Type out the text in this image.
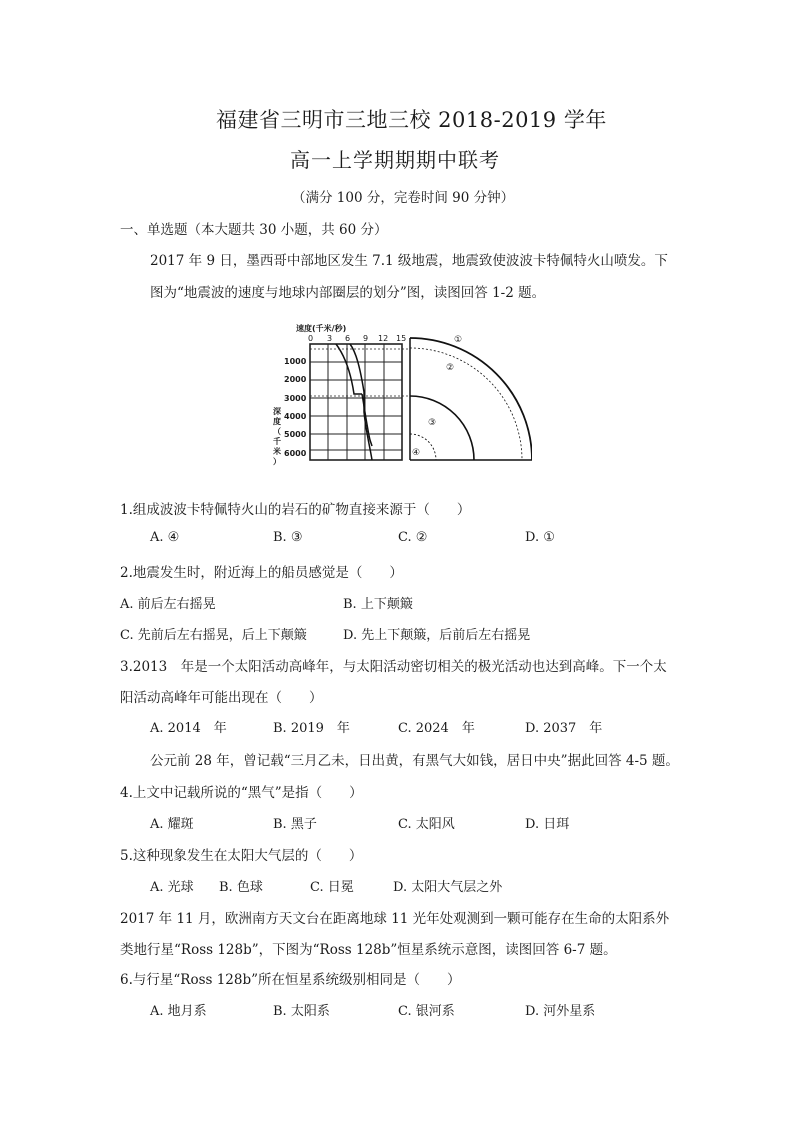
福建省三明市三地三校 2018-2019 学年
高一上学期期期中联考
（满分 100 分，完卷时间 90 分钟）
一、单选题（本大题共 30 小题，共 60 分）
2017 年 9 日，墨西哥中部地区发生 7.1 级地震，地震致使波波卡特佩特火山喷发。下
图为“地震波的速度与地球内部圈层的划分”图，读图回答 1-2 题。
速度(千米/秒)
0 3 6 9 12 15
1000
2000
3000
4000
5000
6000
深
度
（
千
米
）
①
②
③
④
1.组成波波卡特佩特火山的岩石的矿物直接来源于（　　）
A. ④	B. ③	C. ②	D. ①
2.地震发生时，附近海上的船员感觉是（　　）
A. 前后左右摇晃	B. 上下颠簸
C. 先前后左右摇晃，后上下颠簸	D. 先上下颠簸，后前后左右摇晃
3.2013　年是一个太阳活动高峰年，与太阳活动密切相关的极光活动也达到高峰。下一个太
阳活动高峰年可能出现在（　　）
A. 2014　年	B. 2019　年	C. 2024　年	D. 2037　年
公元前 28 年，曾记载“三月乙未，日出黄，有黑气大如钱，居日中央”据此回答 4-5 题。
4.上文中记载所说的“黑气”是指（　　）
A. 耀斑	B. 黑子	C. 太阳风	D. 日珥
5.这种现象发生在太阳大气层的（　　）
A. 光球 B. 色球	C. 日冕	D. 太阳大气层之外
2017 年 11 月，欧洲南方天文台在距离地球 11 光年处观测到一颗可能存在生命的太阳系外
类地行星“Ross 128b”，下图为“Ross 128b”恒星系统示意图，读图回答 6-7 题。
6.与行星“Ross 128b”所在恒星系统级别相同是（　　）
A. 地月系	B. 太阳系	C. 银河系	D. 河外星系
